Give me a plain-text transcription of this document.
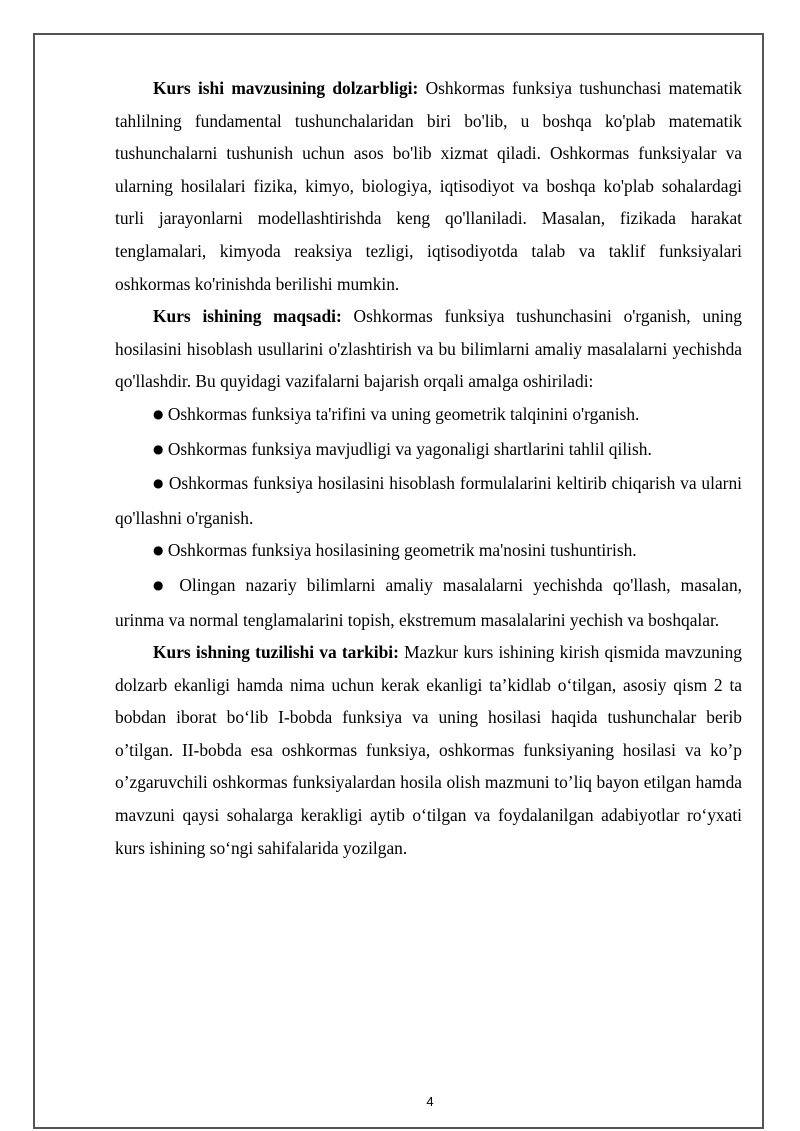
Kurs ishi mavzusining dolzarbligi: Oshkormas funksiya tushunchasi matematik tahlilning fundamental tushunchalaridan biri bo'lib, u boshqa ko'plab matematik tushunchalarni tushunish uchun asos bo'lib xizmat qiladi. Oshkormas funksiyalar va ularning hosilalari fizika, kimyo, biologiya, iqtisodiyot va boshqa ko'plab sohalardagi turli jarayonlarni modellashtirishda keng qo'llaniladi. Masalan, fizikada harakat tenglamalari, kimyoda reaksiya tezligi, iqtisodiyotda talab va taklif funksiyalari oshkormas ko'rinishda berilishi mumkin.

Kurs ishining maqsadi: Oshkormas funksiya tushunchasini o'rganish, uning hosilasini hisoblash usullarini o'zlashtirish va bu bilimlarni amaliy masalalarni yechishda qo'llashdir. Bu quyidagi vazifalarni bajarish orqali amalga oshiriladi:

● Oshkormas funksiya ta'rifini va uning geometrik talqinini o'rganish.

● Oshkormas funksiya mavjudligi va yagonaligi shartlarini tahlil qilish.

● Oshkormas funksiya hosilasini hisoblash formulalarini keltirib chiqarish va ularni qo'llashni o'rganish.

● Oshkormas funksiya hosilasining geometrik ma'nosini tushuntirish.

● Olingan nazariy bilimlarni amaliy masalalarni yechishda qo'llash, masalan, urinma va normal tenglamalarini topish, ekstremum masalalarini yechish va boshqalar.

Kurs ishning tuzilishi va tarkibi: Mazkur kurs ishining kirish qismida mavzuning dolzarb ekanligi hamda nima uchun kerak ekanligi ta’kidlab o‘tilgan, asosiy qism 2 ta bobdan iborat bo‘lib I-bobda funksiya va uning hosilasi haqida tushunchalar berib o’tilgan. II-bobda esa oshkormas funksiya, oshkormas funksiyaning hosilasi va ko’p o’zgaruvchili oshkormas funksiyalardan hosila olish mazmuni to’liq bayon etilgan hamda mavzuni qaysi sohalarga kerakligi aytib o‘tilgan va foydalanilgan adabiyotlar ro‘yxati kurs ishining so‘ngi sahifalarida yozilgan.

4
